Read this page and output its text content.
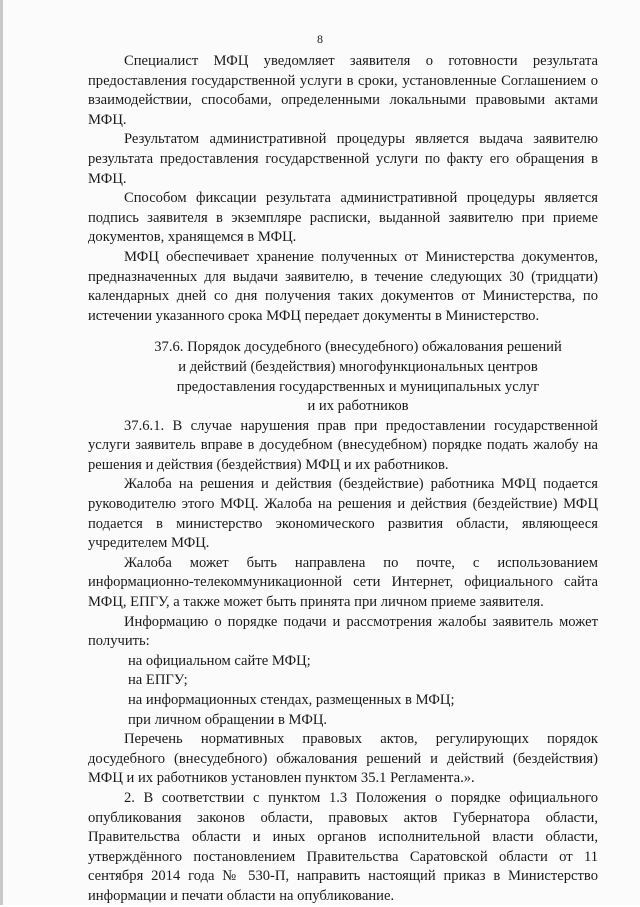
8

Специалист МФЦ уведомляет заявителя о готовности результата предоставления государственной услуги в сроки, установленные Соглашением о взаимодействии, способами, определенными локальными правовыми актами МФЦ.

Результатом административной процедуры является выдача заявителю результата предоставления государственной услуги по факту его обращения в МФЦ.

Способом фиксации результата административной процедуры является подпись заявителя в экземпляре расписки, выданной заявителю при приеме документов, хранящемся в МФЦ.

МФЦ обеспечивает хранение полученных от Министерства документов, предназначенных для выдачи заявителю, в течение следующих 30 (тридцати) календарных дней со дня получения таких документов от Министерства, по истечении указанного срока МФЦ передает документы в Министерство.

37.6. Порядок досудебного (внесудебного) обжалования решений
и действий (бездействия) многофункциональных центров
предоставления государственных и муниципальных услуг
и их работников

37.6.1. В случае нарушения прав при предоставлении государственной услуги заявитель вправе в досудебном (внесудебном) порядке подать жалобу на решения и действия (бездействия) МФЦ и их работников.

Жалоба на решения и действия (бездействие) работника МФЦ подается руководителю этого МФЦ. Жалоба на решения и действия (бездействие) МФЦ подается в министерство экономического развития области, являющееся учредителем МФЦ.

Жалоба может быть направлена по почте, с использованием информационно-телекоммуникационной сети Интернет, официального сайта МФЦ, ЕПГУ, а также может быть принята при личном приеме заявителя.

Информацию о порядке подачи и рассмотрения жалобы заявитель может получить:

на официальном сайте МФЦ;

на ЕПГУ;

на информационных стендах, размещенных в МФЦ;

при личном обращении в МФЦ.

Перечень нормативных правовых актов, регулирующих порядок досудебного (внесудебного) обжалования решений и действий (бездействия) МФЦ и их работников установлен пунктом 35.1 Регламента.».

2. В соответствии с пунктом 1.3 Положения о порядке официального опубликования законов области, правовых актов Губернатора области, Правительства области и иных органов исполнительной власти области, утверждённого постановлением Правительства Саратовской области от 11 сентября 2014 года № 530-П, направить настоящий приказ в Министерство информации и печати области на опубликование.
